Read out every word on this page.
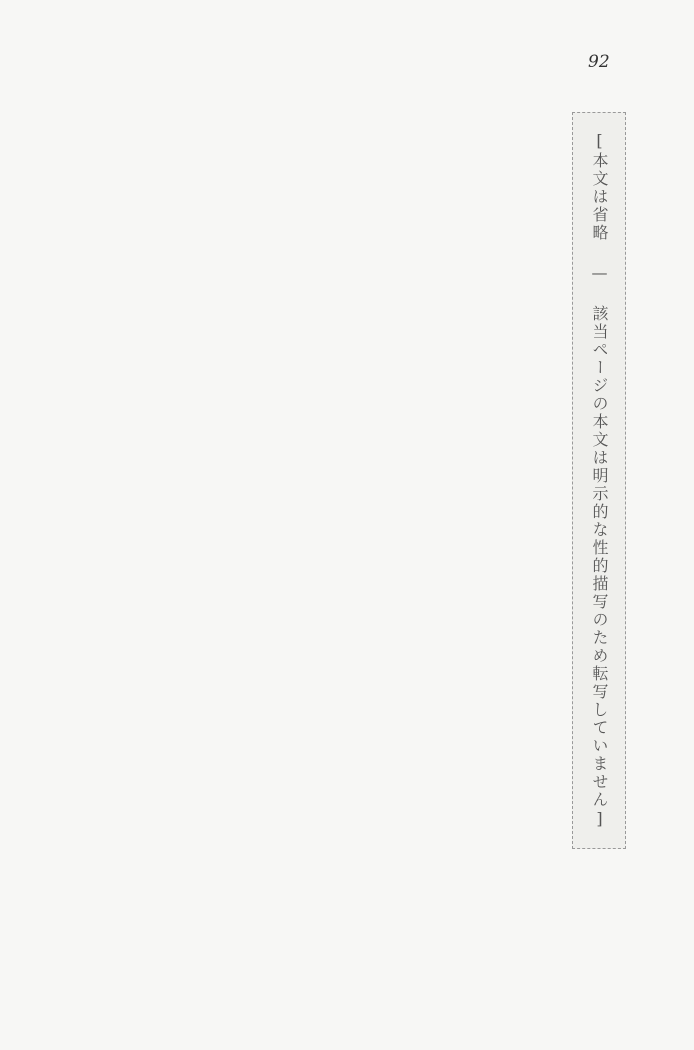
92
[本文は省略 — 該当ページの本文は明示的な性的描写のため転写していません]
